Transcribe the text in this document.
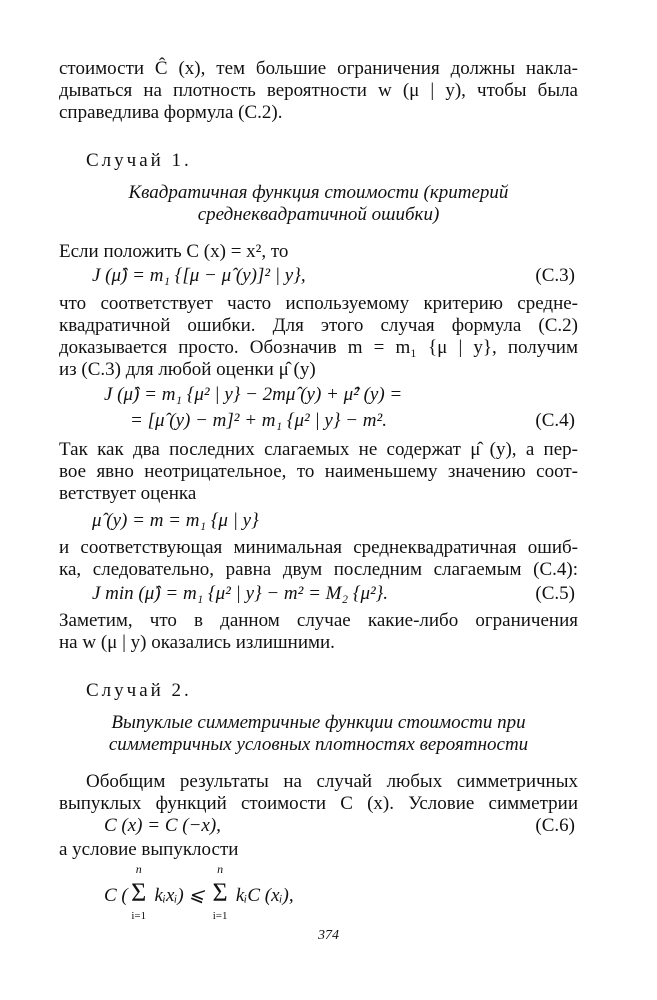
стоимости Ĉ (x), тем большие ограничения должны накла-
дываться на плотность вероятности w (μ | y), чтобы была
справедлива формула (С.2).
Случай 1.
Квадратичная функция стоимости (критерий
среднеквадратичной ошибки)
Если положить C (x) = x², то
J (μ̂) = m₁ {[μ − μ̂ (y)]² | y},	(С.3)
что соответствует часто используемому критерию средне-
квадратичной ошибки. Для этого случая формула (С.2)
доказывается просто. Обозначив m = m₁ {μ | y}, получим
из (С.3) для любой оценки μ̂ (y)
J (μ̂) = m₁ {μ² | y} − 2mμ̂ (y) + μ̂² (y) =
= [μ̂ (y) − m]² + m₁ {μ² | y} − m².	(С.4)
Так как два последних слагаемых не содержат μ̂ (y), а пер-
вое явно неотрицательное, то наименьшему значению соот-
ветствует оценка
μ̂ (y) = m = m₁ {μ | y}
и соответствующая минимальная среднеквадратичная ошиб-
ка, следовательно, равна двум последним слагаемым (С.4):
J min (μ̂) = m₁ {μ² | y} − m² = M₂ {μ²}.	(С.5)
Заметим, что в данном случае какие-либо ограничения
на w (μ | y) оказались излишними.
Случай 2.
Выпуклые симметричные функции стоимости при
симметричных условных плотностях вероятности
Обобщим результаты на случай любых симметричных
выпуклых функций стоимости C (x). Условие симметрии
C (x) = C (−x),	(С.6)
а условие выпуклости
C (
n
Σ
i=1
kᵢxᵢ) ⩽
n
Σ
i=1
kᵢC (xᵢ),
374
